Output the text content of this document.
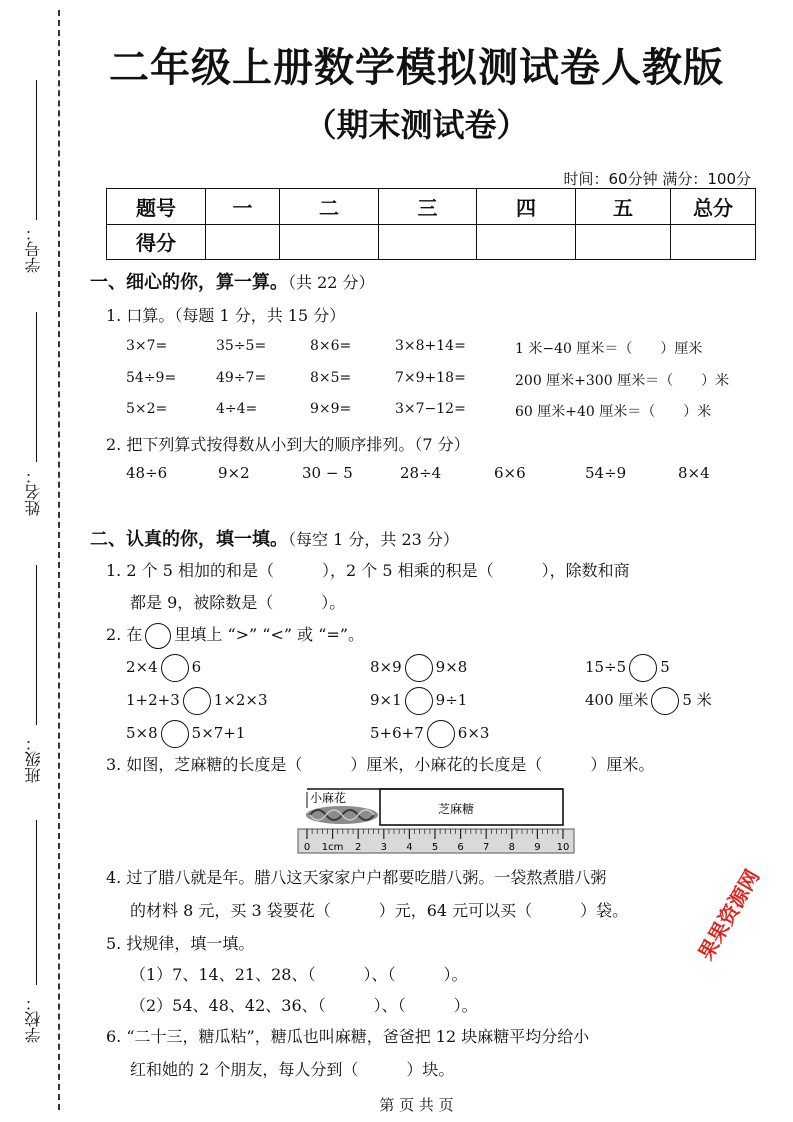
学号：
姓名：
班级：
学校：
二年级上册数学模拟测试卷人教版
（期末测试卷）
时间：60分钟 满分：100分
题号	一	二	三	四	五	总分
得分						
一、细心的你，算一算。（共 22 分）
1. 口算。（每题 1 分，共 15 分）
3×7=	35÷5=	8×6=	3×8+14=	1 米−40 厘米＝（　　）厘米
54÷9=	49÷7=	8×5=	7×9+18=	200 厘米+300 厘米＝（　　）米
5×2=	4÷4=	9×9=	3×7−12=	60 厘米+40 厘米＝（　　）米
2. 把下列算式按得数从小到大的顺序排列。（7 分）
48÷6	9×2	30 − 5	28÷4	6×6	54÷9	8×4
二、认真的你，填一填。（每空 1 分，共 23 分）
1. 2 个 5 相加的和是（　　　），2 个 5 相乘的积是（　　　），除数和商
都是 9，被除数是（　　　）。
2. 在 里填上 “>” “<” 或 “=”。
2×4 6	8×9 9×8	15÷5 5
1+2+3 1×2×3	9×1 9÷1	400 厘米 5 米
5×8 5×7+1	5+6+7 6×3
3. 如图，芝麻糖的长度是（　　　）厘米，小麻花的长度是（　　　）厘米。
0 1cm 2 3 4 5 6 7 8 9 10
小麻花
芝麻糖
4. 过了腊八就是年。腊八这天家家户户都要吃腊八粥。一袋熬煮腊八粥
的材料 8 元，买 3 袋要花（　　　）元，64 元可以买（　　　）袋。
5. 找规律，填一填。
（1）7、14、21、28、（　　　）、（　　　）。
（2）54、48、42、36、（　　　）、（　　　）。
6. “二十三，糖瓜粘”，糖瓜也叫麻糖，爸爸把 12 块麻糖平均分给小
红和她的 2 个朋友，每人分到（　　　）块。
果果资源网
第 页 共 页
